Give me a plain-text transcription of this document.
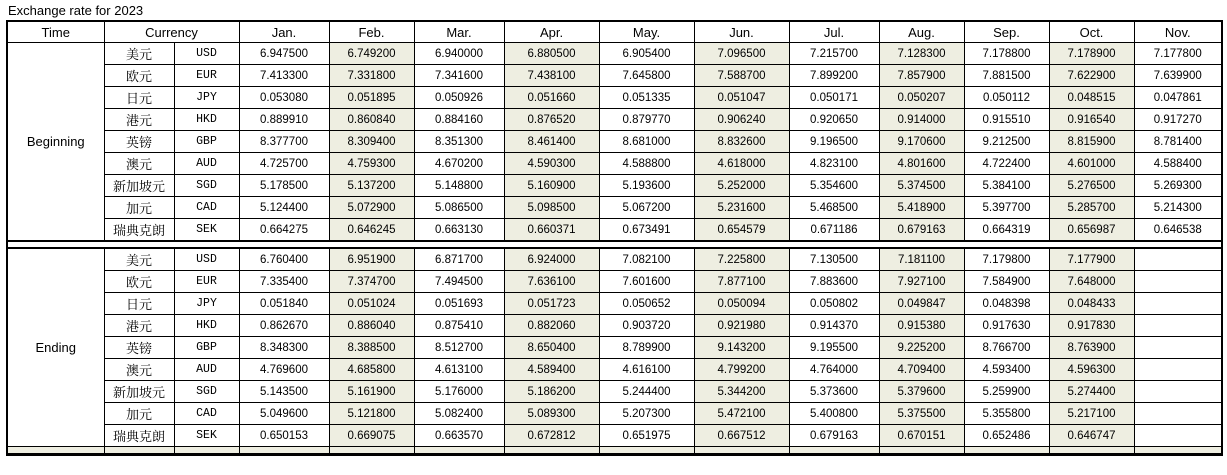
Exchange rate for 2023
Time	Currency		Jan.	Feb.	Mar.	Apr.	May.	Jun.	Jul.	Aug.	Sep.	Oct.	Nov.
Beginning	美元	USD	6.947500	6.749200	6.940000	6.880500	6.905400	7.096500	7.215700	7.128300	7.178800	7.178900	7.177800
	欧元	EUR	7.413300	7.331800	7.341600	7.438100	7.645800	7.588700	7.899200	7.857900	7.881500	7.622900	7.639900
	日元	JPY	0.053080	0.051895	0.050926	0.051660	0.051335	0.051047	0.050171	0.050207	0.050112	0.048515	0.047861
	港元	HKD	0.889910	0.860840	0.884160	0.876520	0.879770	0.906240	0.920650	0.914000	0.915510	0.916540	0.917270
	英镑	GBP	8.377700	8.309400	8.351300	8.461400	8.681000	8.832600	9.196500	9.170600	9.212500	8.815900	8.781400
	澳元	AUD	4.725700	4.759300	4.670200	4.590300	4.588800	4.618000	4.823100	4.801600	4.722400	4.601000	4.588400
	新加坡元	SGD	5.178500	5.137200	5.148800	5.160900	5.193600	5.252000	5.354600	5.374500	5.384100	5.276500	5.269300
	加元	CAD	5.124400	5.072900	5.086500	5.098500	5.067200	5.231600	5.468500	5.418900	5.397700	5.285700	5.214300
	瑞典克朗	SEK	0.664275	0.646245	0.663130	0.660371	0.673491	0.654579	0.671186	0.679163	0.664319	0.656987	0.646538

Ending	美元	USD	6.760400	6.951900	6.871700	6.924000	7.082100	7.225800	7.130500	7.181100	7.179800	7.177900	
	欧元	EUR	7.335400	7.374700	7.494500	7.636100	7.601600	7.877100	7.883600	7.927100	7.584900	7.648000	
	日元	JPY	0.051840	0.051024	0.051693	0.051723	0.050652	0.050094	0.050802	0.049847	0.048398	0.048433	
	港元	HKD	0.862670	0.886040	0.875410	0.882060	0.903720	0.921980	0.914370	0.915380	0.917630	0.917830	
	英镑	GBP	8.348300	8.388500	8.512700	8.650400	8.789900	9.143200	9.195500	9.225200	8.766700	8.763900	
	澳元	AUD	4.769600	4.685800	4.613100	4.589400	4.616100	4.799200	4.764000	4.709400	4.593400	4.596300	
	新加坡元	SGD	5.143500	5.161900	5.176000	5.186200	5.244400	5.344200	5.373600	5.379600	5.259900	5.274400	
	加元	CAD	5.049600	5.121800	5.082400	5.089300	5.207300	5.472100	5.400800	5.375500	5.355800	5.217100	
	瑞典克朗	SEK	0.650153	0.669075	0.663570	0.672812	0.651975	0.667512	0.679163	0.670151	0.652486	0.646747	
